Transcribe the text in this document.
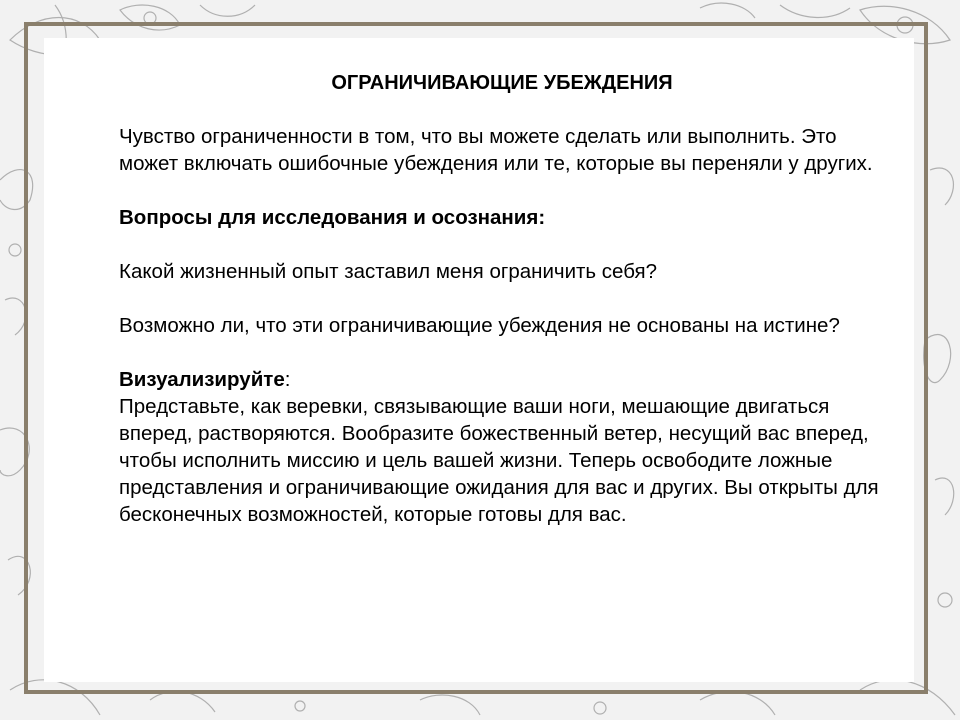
ОГРАНИЧИВАЮЩИЕ УБЕЖДЕНИЯ

Чувство ограниченности в том, что вы можете сделать или выполнить. Это может включать ошибочные убеждения или те, которые вы переняли у других.

Вопросы для исследования и осознания:

Какой жизненный опыт заставил меня ограничить себя?

Возможно ли, что эти ограничивающие убеждения не основаны на истине?

Визуализируйте:

Представьте, как веревки, связывающие ваши ноги, мешающие двигаться вперед, растворяются. Вообразите божественный ветер, несущий вас вперед, чтобы исполнить миссию и цель вашей жизни. Теперь освободите ложные представления и ограничивающие ожидания для вас и других. Вы открыты для бесконечных возможностей, которые готовы для вас.
